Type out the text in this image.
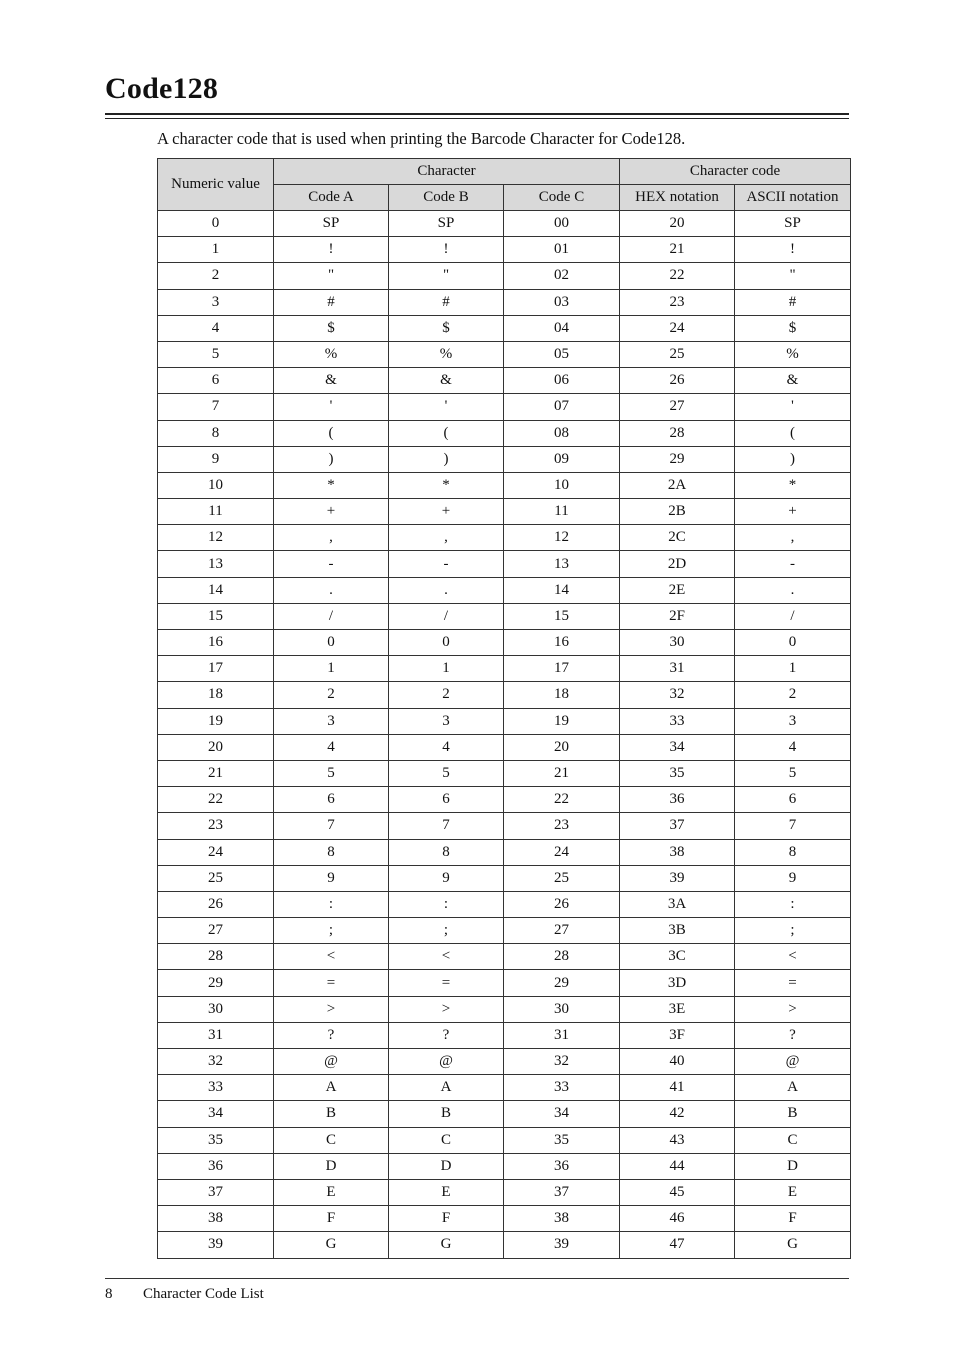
Code128
A character code that is used when printing the Barcode Character for Code128.
Numeric value	Character			Character code	
	Code A	Code B	Code C	HEX notation	ASCII notation
0	SP	SP	00	20	SP
1	!	!	01	21	!
2	"	"	02	22	"
3	#	#	03	23	#
4	$	$	04	24	$
5	%	%	05	25	%
6	&	&	06	26	&
7	'	'	07	27	'
8	(	(	08	28	(
9	)	)	09	29	)
10	*	*	10	2A	*
11	+	+	11	2B	+
12	,	,	12	2C	,
13	-	-	13	2D	-
14	.	.	14	2E	.
15	/	/	15	2F	/
16	0	0	16	30	0
17	1	1	17	31	1
18	2	2	18	32	2
19	3	3	19	33	3
20	4	4	20	34	4
21	5	5	21	35	5
22	6	6	22	36	6
23	7	7	23	37	7
24	8	8	24	38	8
25	9	9	25	39	9
26	:	:	26	3A	:
27	;	;	27	3B	;
28	<	<	28	3C	<
29	=	=	29	3D	=
30	>	>	30	3E	>
31	?	?	31	3F	?
32	@	@	32	40	@
33	A	A	33	41	A
34	B	B	34	42	B
35	C	C	35	43	C
36	D	D	36	44	D
37	E	E	37	45	E
38	F	F	38	46	F
39	G	G	39	47	G
8 Character Code List
